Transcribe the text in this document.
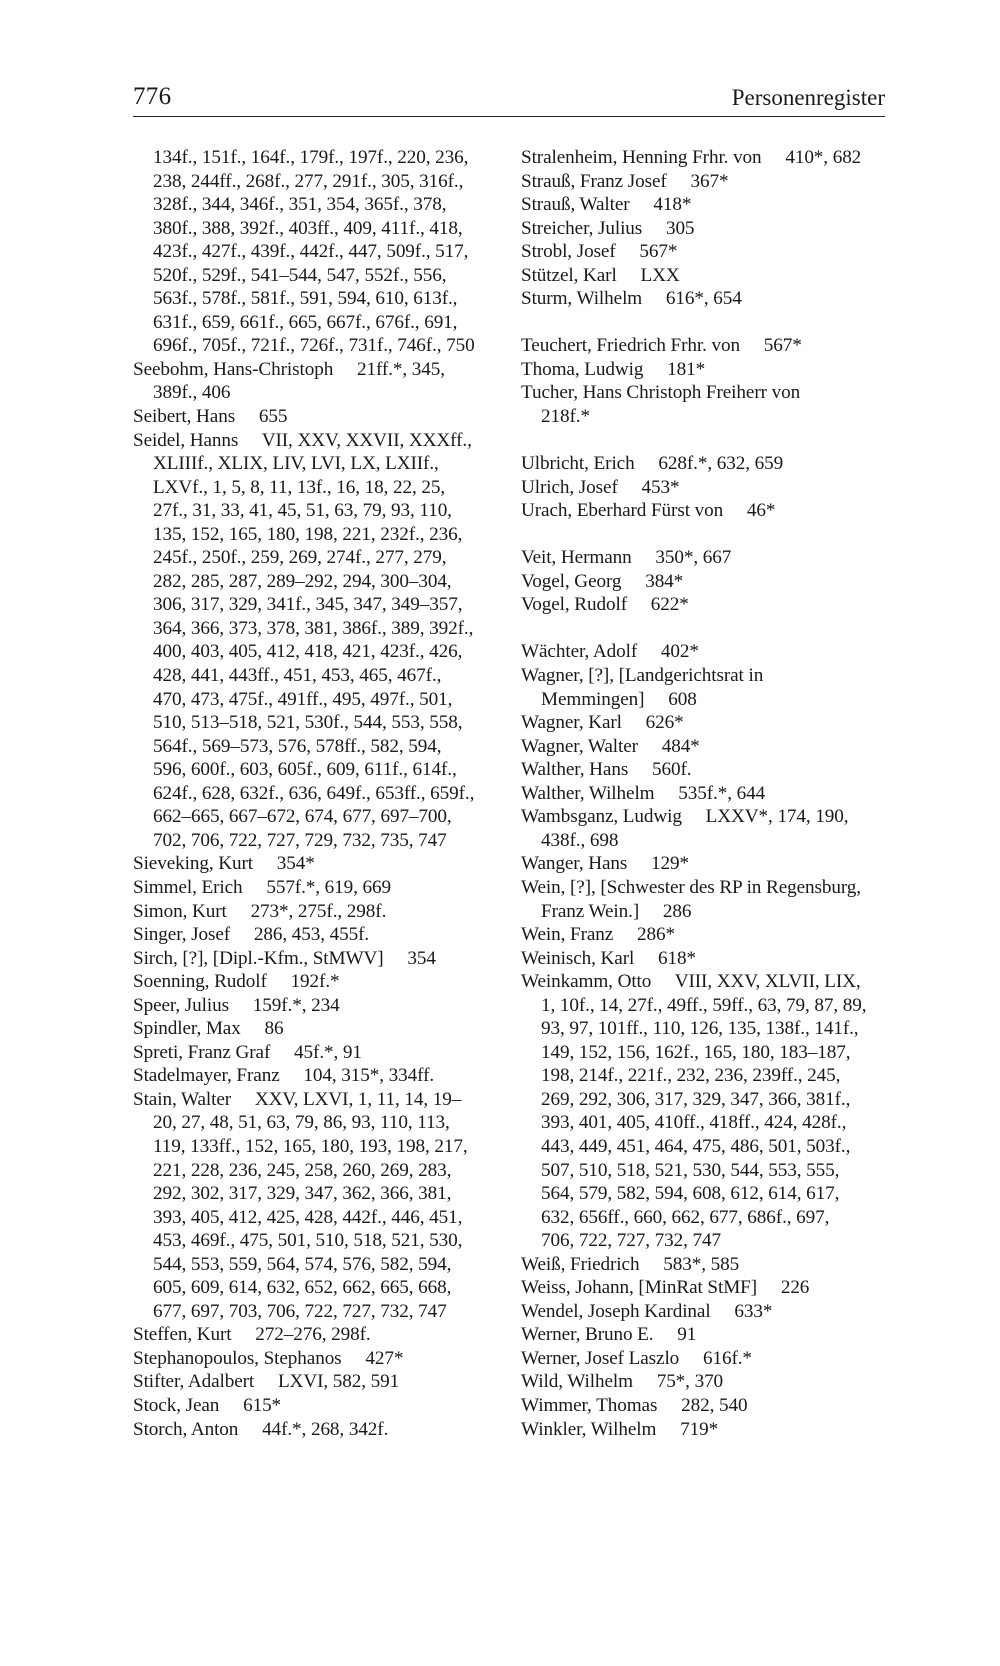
776	Personenregister
134f., 151f., 164f., 179f., 197f., 220, 236,
238, 244ff., 268f., 277, 291f., 305, 316f.,
328f., 344, 346f., 351, 354, 365f., 378,
380f., 388, 392f., 403ff., 409, 411f., 418,
423f., 427f., 439f., 442f., 447, 509f., 517,
520f., 529f., 541–544, 547, 552f., 556,
563f., 578f., 581f., 591, 594, 610, 613f.,
631f., 659, 661f., 665, 667f., 676f., 691,
696f., 705f., 721f., 726f., 731f., 746f., 750
Seebohm, Hans-Christoph  21ff.*, 345,
389f., 406
Seibert, Hans  655
Seidel, Hanns  VII, XXV, XXVII, XXXff.,
XLIIIf., XLIX, LIV, LVI, LX, LXIIf.,
LXVf., 1, 5, 8, 11, 13f., 16, 18, 22, 25,
27f., 31, 33, 41, 45, 51, 63, 79, 93, 110,
135, 152, 165, 180, 198, 221, 232f., 236,
245f., 250f., 259, 269, 274f., 277, 279,
282, 285, 287, 289–292, 294, 300–304,
306, 317, 329, 341f., 345, 347, 349–357,
364, 366, 373, 378, 381, 386f., 389, 392f.,
400, 403, 405, 412, 418, 421, 423f., 426,
428, 441, 443ff., 451, 453, 465, 467f.,
470, 473, 475f., 491ff., 495, 497f., 501,
510, 513–518, 521, 530f., 544, 553, 558,
564f., 569–573, 576, 578ff., 582, 594,
596, 600f., 603, 605f., 609, 611f., 614f.,
624f., 628, 632f., 636, 649f., 653ff., 659f.,
662–665, 667–672, 674, 677, 697–700,
702, 706, 722, 727, 729, 732, 735, 747
Sieveking, Kurt  354*
Simmel, Erich  557f.*, 619, 669
Simon, Kurt  273*, 275f., 298f.
Singer, Josef  286, 453, 455f.
Sirch, [?], [Dipl.-Kfm., StMWV]  354
Soenning, Rudolf  192f.*
Speer, Julius  159f.*, 234
Spindler, Max  86
Spreti, Franz Graf  45f.*, 91
Stadelmayer, Franz  104, 315*, 334ff.
Stain, Walter  XXV, LXVI, 1, 11, 14, 19–
20, 27, 48, 51, 63, 79, 86, 93, 110, 113,
119, 133ff., 152, 165, 180, 193, 198, 217,
221, 228, 236, 245, 258, 260, 269, 283,
292, 302, 317, 329, 347, 362, 366, 381,
393, 405, 412, 425, 428, 442f., 446, 451,
453, 469f., 475, 501, 510, 518, 521, 530,
544, 553, 559, 564, 574, 576, 582, 594,
605, 609, 614, 632, 652, 662, 665, 668,
677, 697, 703, 706, 722, 727, 732, 747
Steffen, Kurt  272–276, 298f.
Stephanopoulos, Stephanos  427*
Stifter, Adalbert  LXVI, 582, 591
Stock, Jean  615*
Storch, Anton  44f.*, 268, 342f.
Stralenheim, Henning Frhr. von  410*, 682
Strauß, Franz Josef  367*
Strauß, Walter  418*
Streicher, Julius  305
Strobl, Josef  567*
Stützel, Karl  LXX
Sturm, Wilhelm  616*, 654
Teuchert, Friedrich Frhr. von  567*
Thoma, Ludwig  181*
Tucher, Hans Christoph Freiherr von
218f.*
Ulbricht, Erich  628f.*, 632, 659
Ulrich, Josef  453*
Urach, Eberhard Fürst von  46*
Veit, Hermann  350*, 667
Vogel, Georg  384*
Vogel, Rudolf  622*
Wächter, Adolf  402*
Wagner, [?], [Landgerichtsrat in
Memmingen]  608
Wagner, Karl  626*
Wagner, Walter  484*
Walther, Hans  560f.
Walther, Wilhelm  535f.*, 644
Wambsganz, Ludwig  LXXV*, 174, 190,
438f., 698
Wanger, Hans  129*
Wein, [?], [Schwester des RP in Regensburg,
Franz Wein.]  286
Wein, Franz  286*
Weinisch, Karl  618*
Weinkamm, Otto  VIII, XXV, XLVII, LIX,
1, 10f., 14, 27f., 49ff., 59ff., 63, 79, 87, 89,
93, 97, 101ff., 110, 126, 135, 138f., 141f.,
149, 152, 156, 162f., 165, 180, 183–187,
198, 214f., 221f., 232, 236, 239ff., 245,
269, 292, 306, 317, 329, 347, 366, 381f.,
393, 401, 405, 410ff., 418ff., 424, 428f.,
443, 449, 451, 464, 475, 486, 501, 503f.,
507, 510, 518, 521, 530, 544, 553, 555,
564, 579, 582, 594, 608, 612, 614, 617,
632, 656ff., 660, 662, 677, 686f., 697,
706, 722, 727, 732, 747
Weiß, Friedrich  583*, 585
Weiss, Johann, [MinRat StMF]  226
Wendel, Joseph Kardinal  633*
Werner, Bruno E.  91
Werner, Josef Laszlo  616f.*
Wild, Wilhelm  75*, 370
Wimmer, Thomas  282, 540
Winkler, Wilhelm  719*
